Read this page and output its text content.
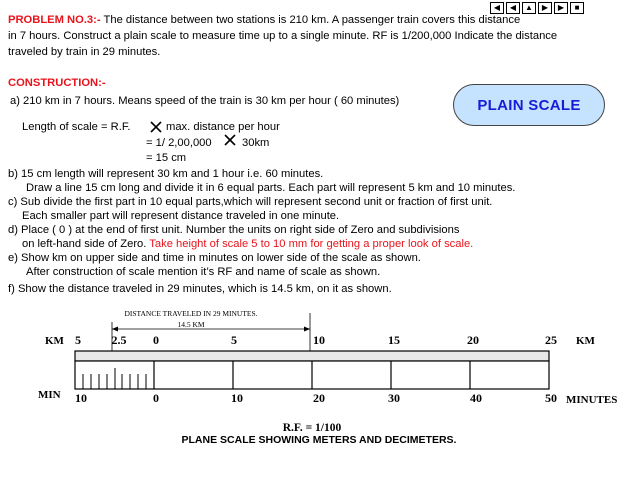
◀	◀	▲	▶	▶	■
PROBLEM NO.3:- The distance between two stations is 210 km. A passenger train covers this distance
in 7 hours. Construct a plain scale to measure time up to a single minute. RF is 1/200,000 Indicate the distance
traveled by train in 29 minutes.
CONSTRUCTION:-
a) 210 km in 7 hours. Means speed of the train is 30 km per hour ( 60 minutes)	PLAIN SCALE
Length of scale = R.F.	max. distance per hour
= 1/ 2,00,000	30km
= 15 cm
b) 15 cm length will represent 30 km and 1 hour i.e. 60 minutes.
Draw a line 15 cm long and divide it in 6 equal parts. Each part will represent 5 km and 10 minutes.
c) Sub divide the first part in 10 equal parts,which will represent second unit or fraction of first unit.
Each smaller part will represent distance traveled in one minute.
d) Place ( 0 ) at the end of first unit. Number the units on right side of Zero and subdivisions
on left-hand side of Zero. Take height of scale 5 to 10 mm for getting a proper look of scale.
e) Show km on upper side and time in minutes on lower side of the scale as shown.
After construction of scale mention it’s RF and name of scale as shown.
f) Show the distance traveled in 29 minutes, which is 14.5 km, on it as shown.
DISTANCE TRAVELED IN 29 MINUTES.
14.5 KM
KM	KM
5	2.5 0	5	10	15	20	25
MIN	MINUTES
10	0	10	20	30	40	50
R.F. = 1/100
PLANE SCALE SHOWING METERS AND DECIMETERS.
